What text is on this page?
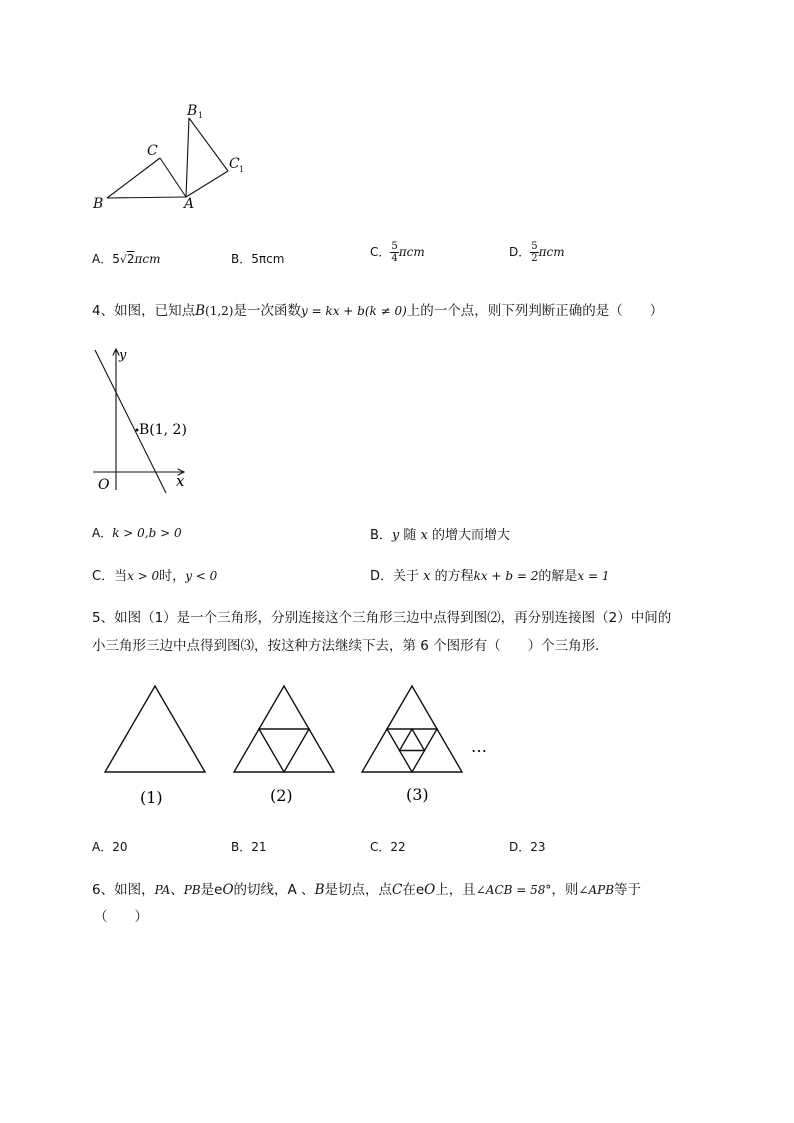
B 1
C
C 1
B	A
A．5√2πcm	B．5πcm	C． $\frac{5}{4}$ πcm	D． $\frac{5}{2}$ πcm
4、如图，已知点B(1,2)是一次函数y = kx + b(k ≠ 0)上的一个点，则下列判断正确的是（　　）
y
x
O
B(1, 2)
A．k > 0,b > 0	B．y 随 x 的增大而增大
C．当x > 0时，y < 0	D．关于 x 的方程kx + b = 2的解是x = 1
5、如图（1）是一个三角形，分别连接这个三角形三边中点得到图⑵，再分别连接图（2）中间的
小三角形三边中点得到图⑶，按这种方法继续下去，第 6 个图形有（　　）个三角形．
(1)	(2)	(3)
…
A．20	B．21	C．22	D．23
6、如图，PA、PB是eO的切线，A 、B是切点，点C在eO上，且∠ACB = 58°，则∠APB等于
（　　）
